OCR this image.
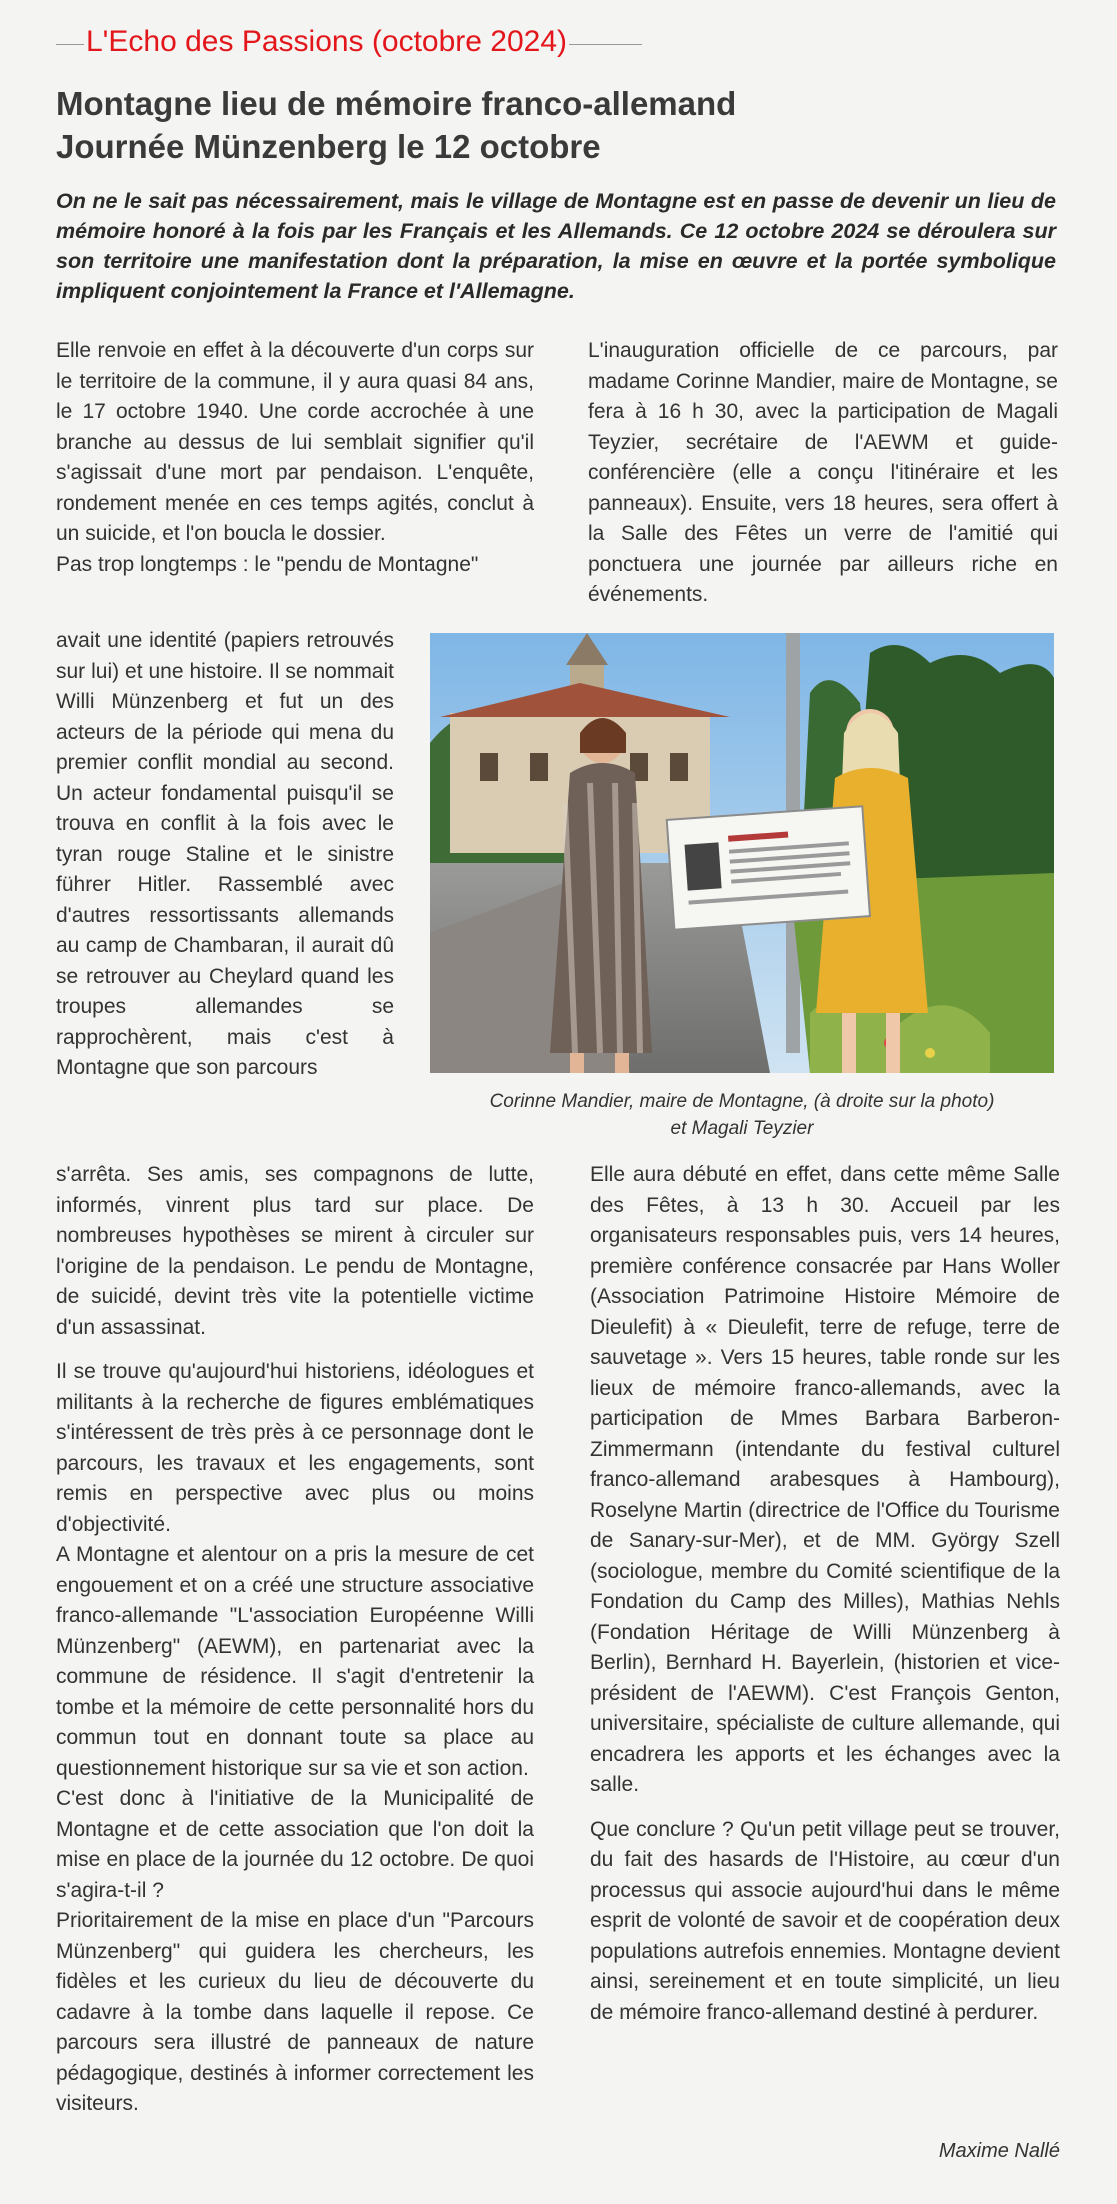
L'Echo des Passions (octobre 2024)
Montagne lieu de mémoire franco-allemand
Journée Münzenberg le 12 octobre

On ne le sait pas nécessairement, mais le village de Montagne est en passe de devenir un lieu de mémoire honoré à la fois par les Français et les Allemands. Ce 12 octobre 2024 se déroulera sur son territoire une manifestation dont la préparation, la mise en œuvre et la portée symbolique impliquent conjointement la France et l'Allemagne.

Elle renvoie en effet à la découverte d'un corps sur le territoire de la commune, il y aura quasi 84 ans, le 17 octobre 1940. Une corde accrochée à une branche au dessus de lui semblait signifier qu'il s'agissait d'une mort par pendaison. L'enquête, rondement menée en ces temps agités, conclut à un suicide, et l'on boucla le dossier.

Pas trop longtemps : le "pendu de Montagne"

avait une identité (papiers retrouvés sur lui) et une histoire. Il se nommait Willi Münzenberg et fut un des acteurs de la période qui mena du premier conflit mondial au second. Un acteur fondamental puisqu'il se trouva en conflit à la fois avec le tyran rouge Staline et le sinistre führer Hitler. Rassemblé avec d'autres ressortissants allemands au camp de Chambaran, il aurait dû se retrouver au Cheylard quand les troupes allemandes se rapprochèrent, mais c'est à Montagne que son parcours

s'arrêta. Ses amis, ses compagnons de lutte, informés, vinrent plus tard sur place. De nombreuses hypothèses se mirent à circuler sur l'origine de la pendaison. Le pendu de Montagne, de suicidé, devint très vite la potentielle victime d'un assassinat.

Il se trouve qu'aujourd'hui historiens, idéologues et militants à la recherche de figures emblématiques s'intéressent de très près à ce personnage dont le parcours, les travaux et les engagements, sont remis en perspective avec plus ou moins d'objectivité.

A Montagne et alentour on a pris la mesure de cet engouement et on a créé une structure associative franco-allemande "L'association Européenne Willi Münzenberg" (AEWM), en partenariat avec la commune de résidence. Il s'agit d'entretenir la tombe et la mémoire de cette personnalité hors du commun tout en donnant toute sa place au questionnement historique sur sa vie et son action.

C'est donc à l'initiative de la Municipalité de Montagne et de cette association que l'on doit la mise en place de la journée du 12 octobre. De quoi s'agira-t-il ?

Prioritairement de la mise en place d'un "Parcours Münzenberg" qui guidera les chercheurs, les fidèles et les curieux du lieu de découverte du cadavre à la tombe dans laquelle il repose. Ce parcours sera illustré de panneaux de nature pédagogique, destinés à informer correctement les visiteurs.

L'inauguration officielle de ce parcours, par madame Corinne Mandier, maire de Montagne, se fera à 16 h 30, avec la participation de Magali Teyzier, secrétaire de l'AEWM et guide-conférencière (elle a conçu l'itinéraire et les panneaux). Ensuite, vers 18 heures, sera offert à la Salle des Fêtes un verre de l'amitié qui ponctuera une journée par ailleurs riche en événements.

Corinne Mandier, maire de Montagne, (à droite sur la photo)
et Magali Teyzier

Elle aura débuté en effet, dans cette même Salle des Fêtes, à 13 h 30. Accueil par les organisateurs responsables puis, vers 14 heures, première conférence consacrée par Hans Woller (Association Patrimoine Histoire Mémoire de Dieulefit) à « Dieulefit, terre de refuge, terre de sauvetage ». Vers 15 heures, table ronde sur les lieux de mémoire franco-allemands, avec la participation de Mmes Barbara Barberon-Zimmermann (intendante du festival culturel franco-allemand arabesques à Hambourg), Roselyne Martin (directrice de l'Office du Tourisme de Sanary-sur-Mer), et de MM. György Szell (sociologue, membre du Comité scientifique de la Fondation du Camp des Milles), Mathias Nehls (Fondation Héritage de Willi Münzenberg à Berlin), Bernhard H. Bayerlein, (historien et vice-président de l'AEWM). C'est François Genton, universitaire, spécialiste de culture allemande, qui encadrera les apports et les échanges avec la salle.

Que conclure ? Qu'un petit village peut se trouver, du fait des hasards de l'Histoire, au cœur d'un processus qui associe aujourd'hui dans le même esprit de volonté de savoir et de coopération deux populations autrefois ennemies. Montagne devient ainsi, sereinement et en toute simplicité, un lieu de mémoire franco-allemand destiné à perdurer.

Maxime Nallé
